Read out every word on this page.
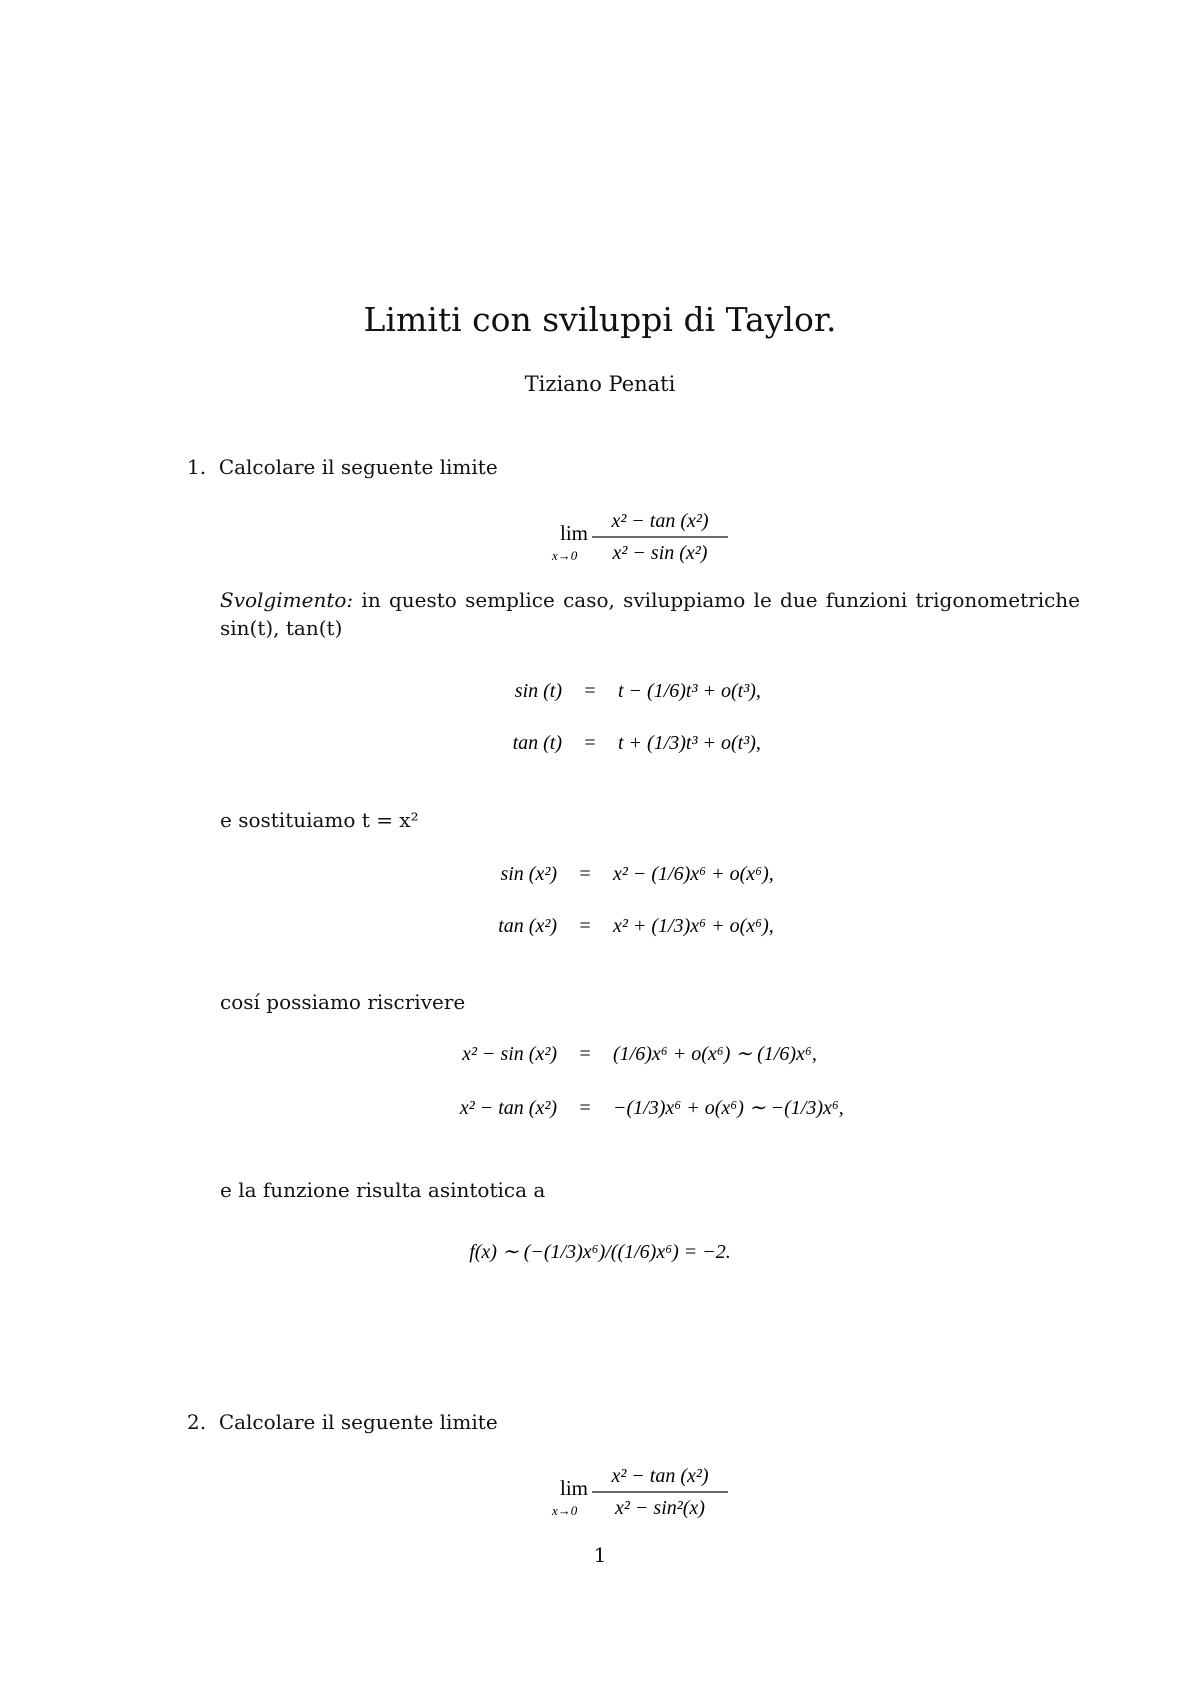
Limiti con sviluppi di Taylor.
Tiziano Penati
1. Calcolare il seguente limite
lim
x→0
x² − tan (x²)
x² − sin (x²)
Svolgimento: in questo semplice caso, sviluppiamo le due funzioni trigonometriche sin(t), tan(t)
sin (t) = t − (1/6)t³ + o(t³),
tan (t) = t + (1/3)t³ + o(t³),
e sostituiamo t = x²
sin (x²) = x² − (1/6)x⁶ + o(x⁶),
tan (x²) = x² + (1/3)x⁶ + o(x⁶),
cosí possiamo riscrivere
x² − sin (x²) = (1/6)x⁶ + o(x⁶) ∼ (1/6)x⁶,
x² − tan (x²) = −(1/3)x⁶ + o(x⁶) ∼ −(1/3)x⁶,
e la funzione risulta asintotica a
f(x) ∼ (−(1/3)x⁶)/((1/6)x⁶) = −2.
2. Calcolare il seguente limite
lim
x→0
x² − tan (x²)
x² − sin²(x)
1
